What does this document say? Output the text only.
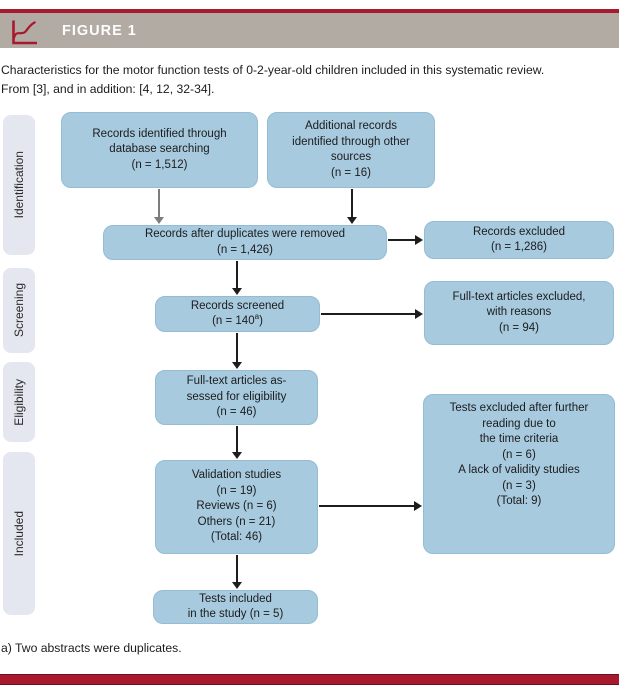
FIGURE 1
Characteristics for the motor function tests of 0-2-year-old children included in this systematic review.
From [3], and in addition: [4, 12, 32-34].
Identification
Screening
Eligibility
Included
Records identified through
database searching
(n = 1,512)
Additional records
identified through other
sources
(n = 16)
Records after duplicates were removed
(n = 1,426)
Records excluded
(n = 1,286)
Records screened
$(n = 140^a)$
Full-text articles excluded,
with reasons
(n = 94)
Full-text articles as-
sessed for eligibility
(n = 46)
Validation studies
(n = 19)
Reviews (n = 6)
Others (n = 21)
(Total: 46)
Tests excluded after further
reading due to
the time criteria
(n = 6)
A lack of validity studies
(n = 3)
(Total: 9)
Tests included
in the study (n = 5)
a) Two abstracts were duplicates.
